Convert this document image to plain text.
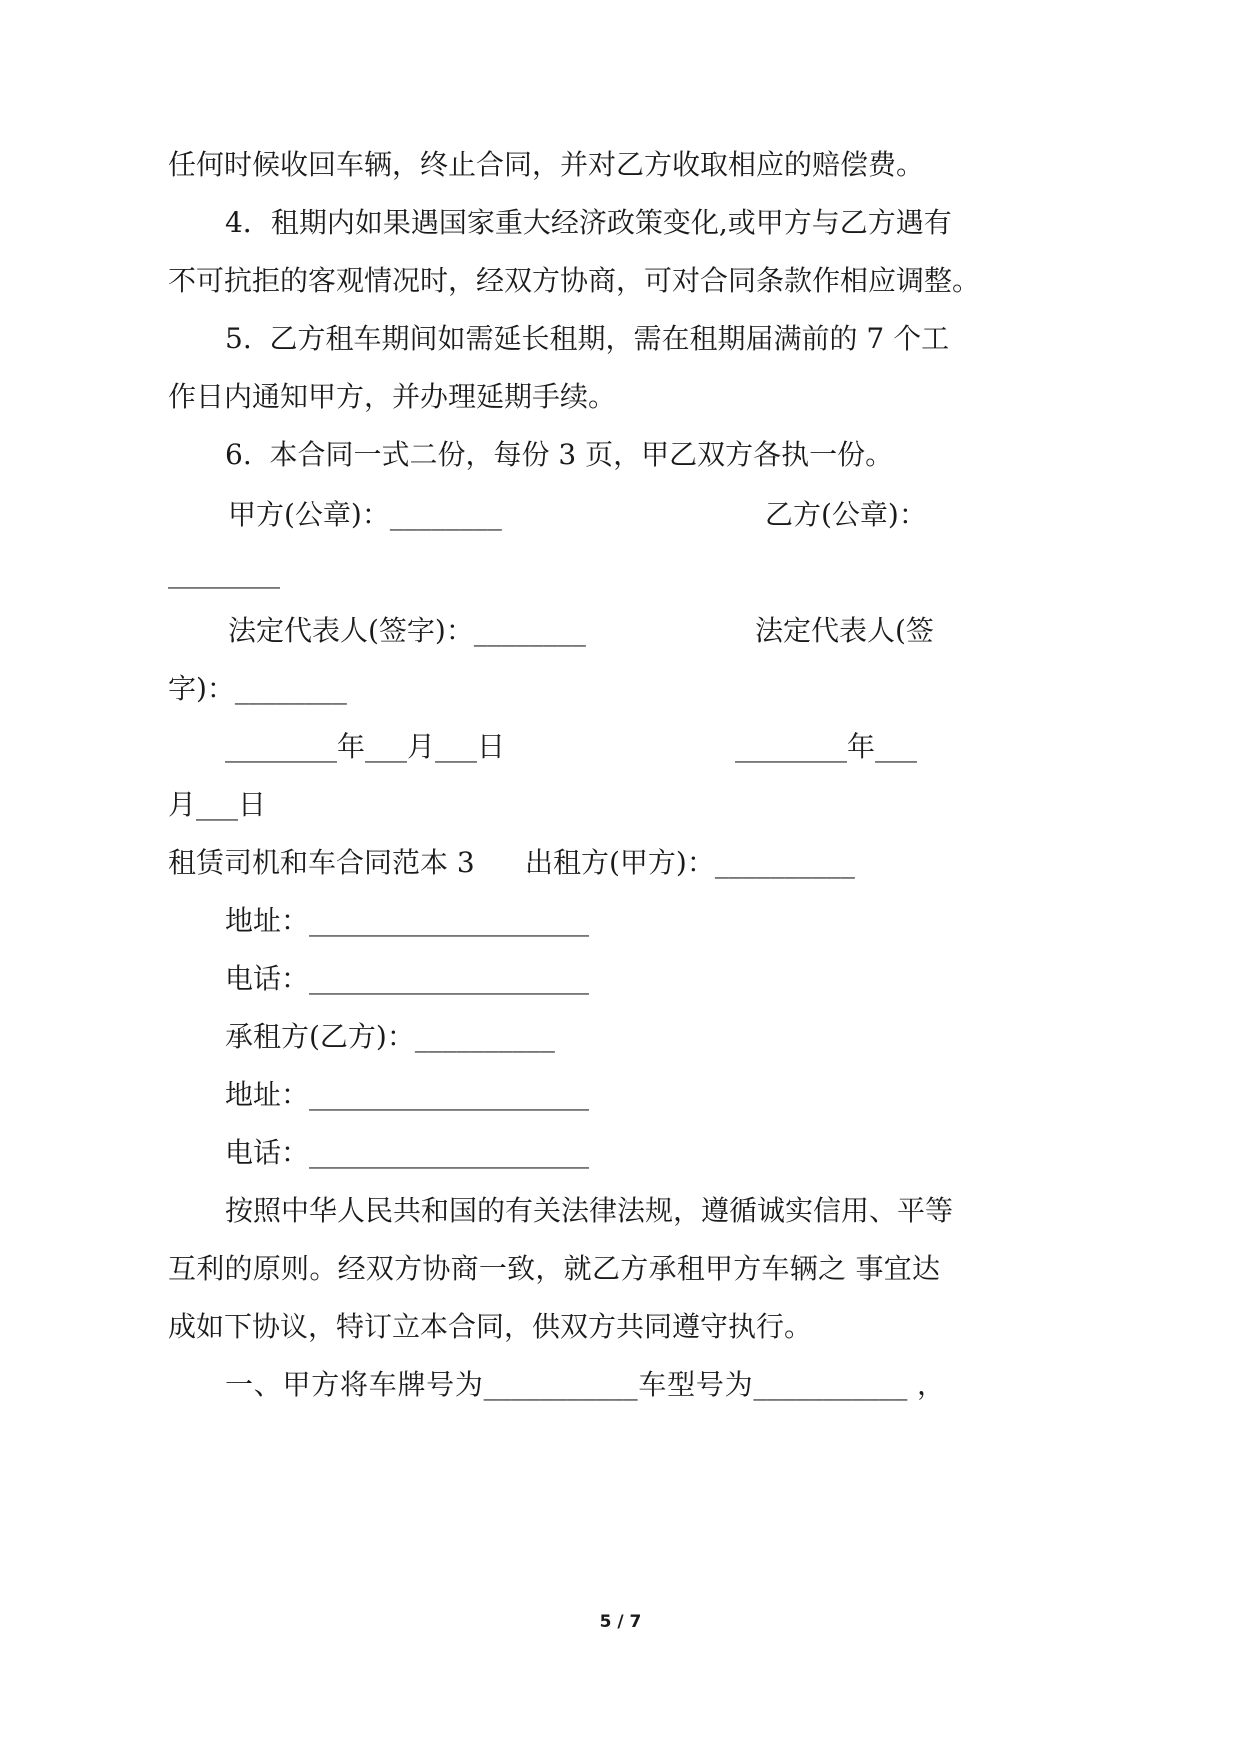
任何时候收回车辆，终止合同，并对乙方收取相应的赔偿费。
4．租期内如果遇国家重大经济政策变化,或甲方与乙方遇有
不可抗拒的客观情况时，经双方协商，可对合同条款作相应调整。
5.  乙方租车期间如需延长租期，需在租期届满前的 7 个工
作日内通知甲方，并办理延期手续。
6.  本合同一式二份，每份 3 页，甲乙双方各执一份。
甲方(公章)：________	乙方(公章)：
________
法定代表人(签字)：________	法定代表人(签
字)：________
________年___月___日	________年___
月___日
租赁司机和车合同范本 3 出租方(甲方)：__________
地址：____________________
电话：____________________
承租方(乙方)：__________
地址：____________________
电话：____________________
按照中华人民共和国的有关法律法规，遵循诚实信用、平等
互利的原则。经双方协商一致，就乙方承租甲方车辆之 事宜达
成如下协议，特订立本合同，供双方共同遵守执行。
一、甲方将车牌号为___________车型号为___________ ，
5 / 7
